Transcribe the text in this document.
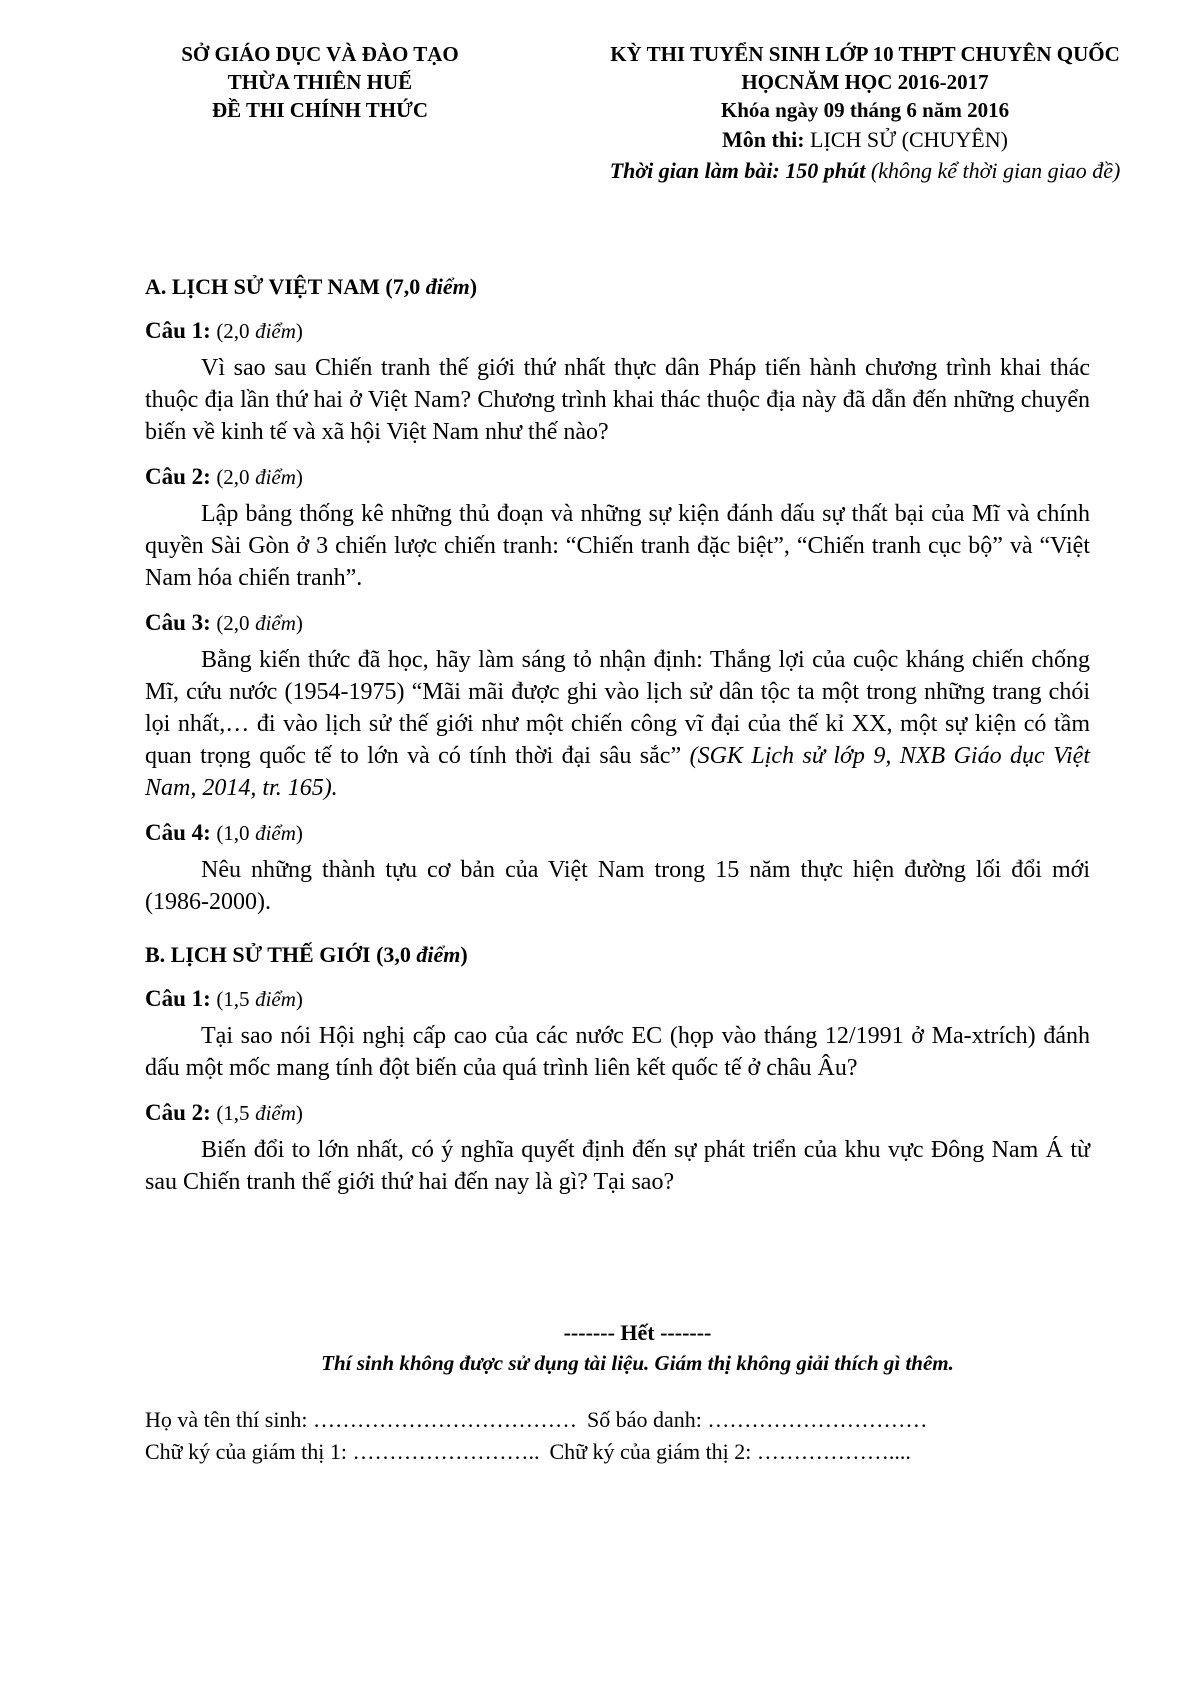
SỞ GIÁO DỤC VÀ ĐÀO TẠO
THỪA THIÊN HUẾ
ĐỀ THI CHÍNH THỨC
KỲ THI TUYỂN SINH LỚP 10 THPT CHUYÊN QUỐC
HỌCNĂM HỌC 2016-2017
Khóa ngày 09 tháng 6 năm 2016
Môn thi: LỊCH SỬ (CHUYÊN)
Thời gian làm bài: 150 phút (không kể thời gian giao đề)
A. LỊCH SỬ VIỆT NAM (7,0 điểm)
Câu 1: (2,0 điểm)

Vì sao sau Chiến tranh thế giới thứ nhất thực dân Pháp tiến hành chương trình khai thác thuộc địa lần thứ hai ở Việt Nam? Chương trình khai thác thuộc địa này đã dẫn đến những chuyển biến về kinh tế và xã hội Việt Nam như thế nào?

Câu 2: (2,0 điểm)

Lập bảng thống kê những thủ đoạn và những sự kiện đánh dấu sự thất bại của Mĩ và chính quyền Sài Gòn ở 3 chiến lược chiến tranh: “Chiến tranh đặc biệt”, “Chiến tranh cục bộ” và “Việt Nam hóa chiến tranh”.

Câu 3: (2,0 điểm)

Bằng kiến thức đã học, hãy làm sáng tỏ nhận định: Thắng lợi của cuộc kháng chiến chống Mĩ, cứu nước (1954-1975) “Mãi mãi được ghi vào lịch sử dân tộc ta một trong những trang chói lọi nhất,… đi vào lịch sử thế giới như một chiến công vĩ đại của thế kỉ XX, một sự kiện có tầm quan trọng quốc tế to lớn và có tính thời đại sâu sắc” (SGK Lịch sử lớp 9, NXB Giáo dục Việt Nam, 2014, tr. 165).

Câu 4: (1,0 điểm)

Nêu những thành tựu cơ bản của Việt Nam trong 15 năm thực hiện đường lối đổi mới (1986-2000).

B. LỊCH SỬ THẾ GIỚI (3,0 điểm)
Câu 1: (1,5 điểm)

Tại sao nói Hội nghị cấp cao của các nước EC (họp vào tháng 12/1991 ở Ma-xtrích) đánh dấu một mốc mang tính đột biến của quá trình liên kết quốc tế ở châu Âu?

Câu 2: (1,5 điểm)

Biến đổi to lớn nhất, có ý nghĩa quyết định đến sự phát triển của khu vực Đông Nam Á từ sau Chiến tranh thế giới thứ hai đến nay là gì? Tại sao?

------- Hết -------
Thí sinh không được sử dụng tài liệu. Giám thị không giải thích gì thêm.
Họ và tên thí sinh: ……………………………… Số báo danh: …………………………
Chữ ký của giám thị 1: …………………….. Chữ ký của giám thị 2: ………………....
